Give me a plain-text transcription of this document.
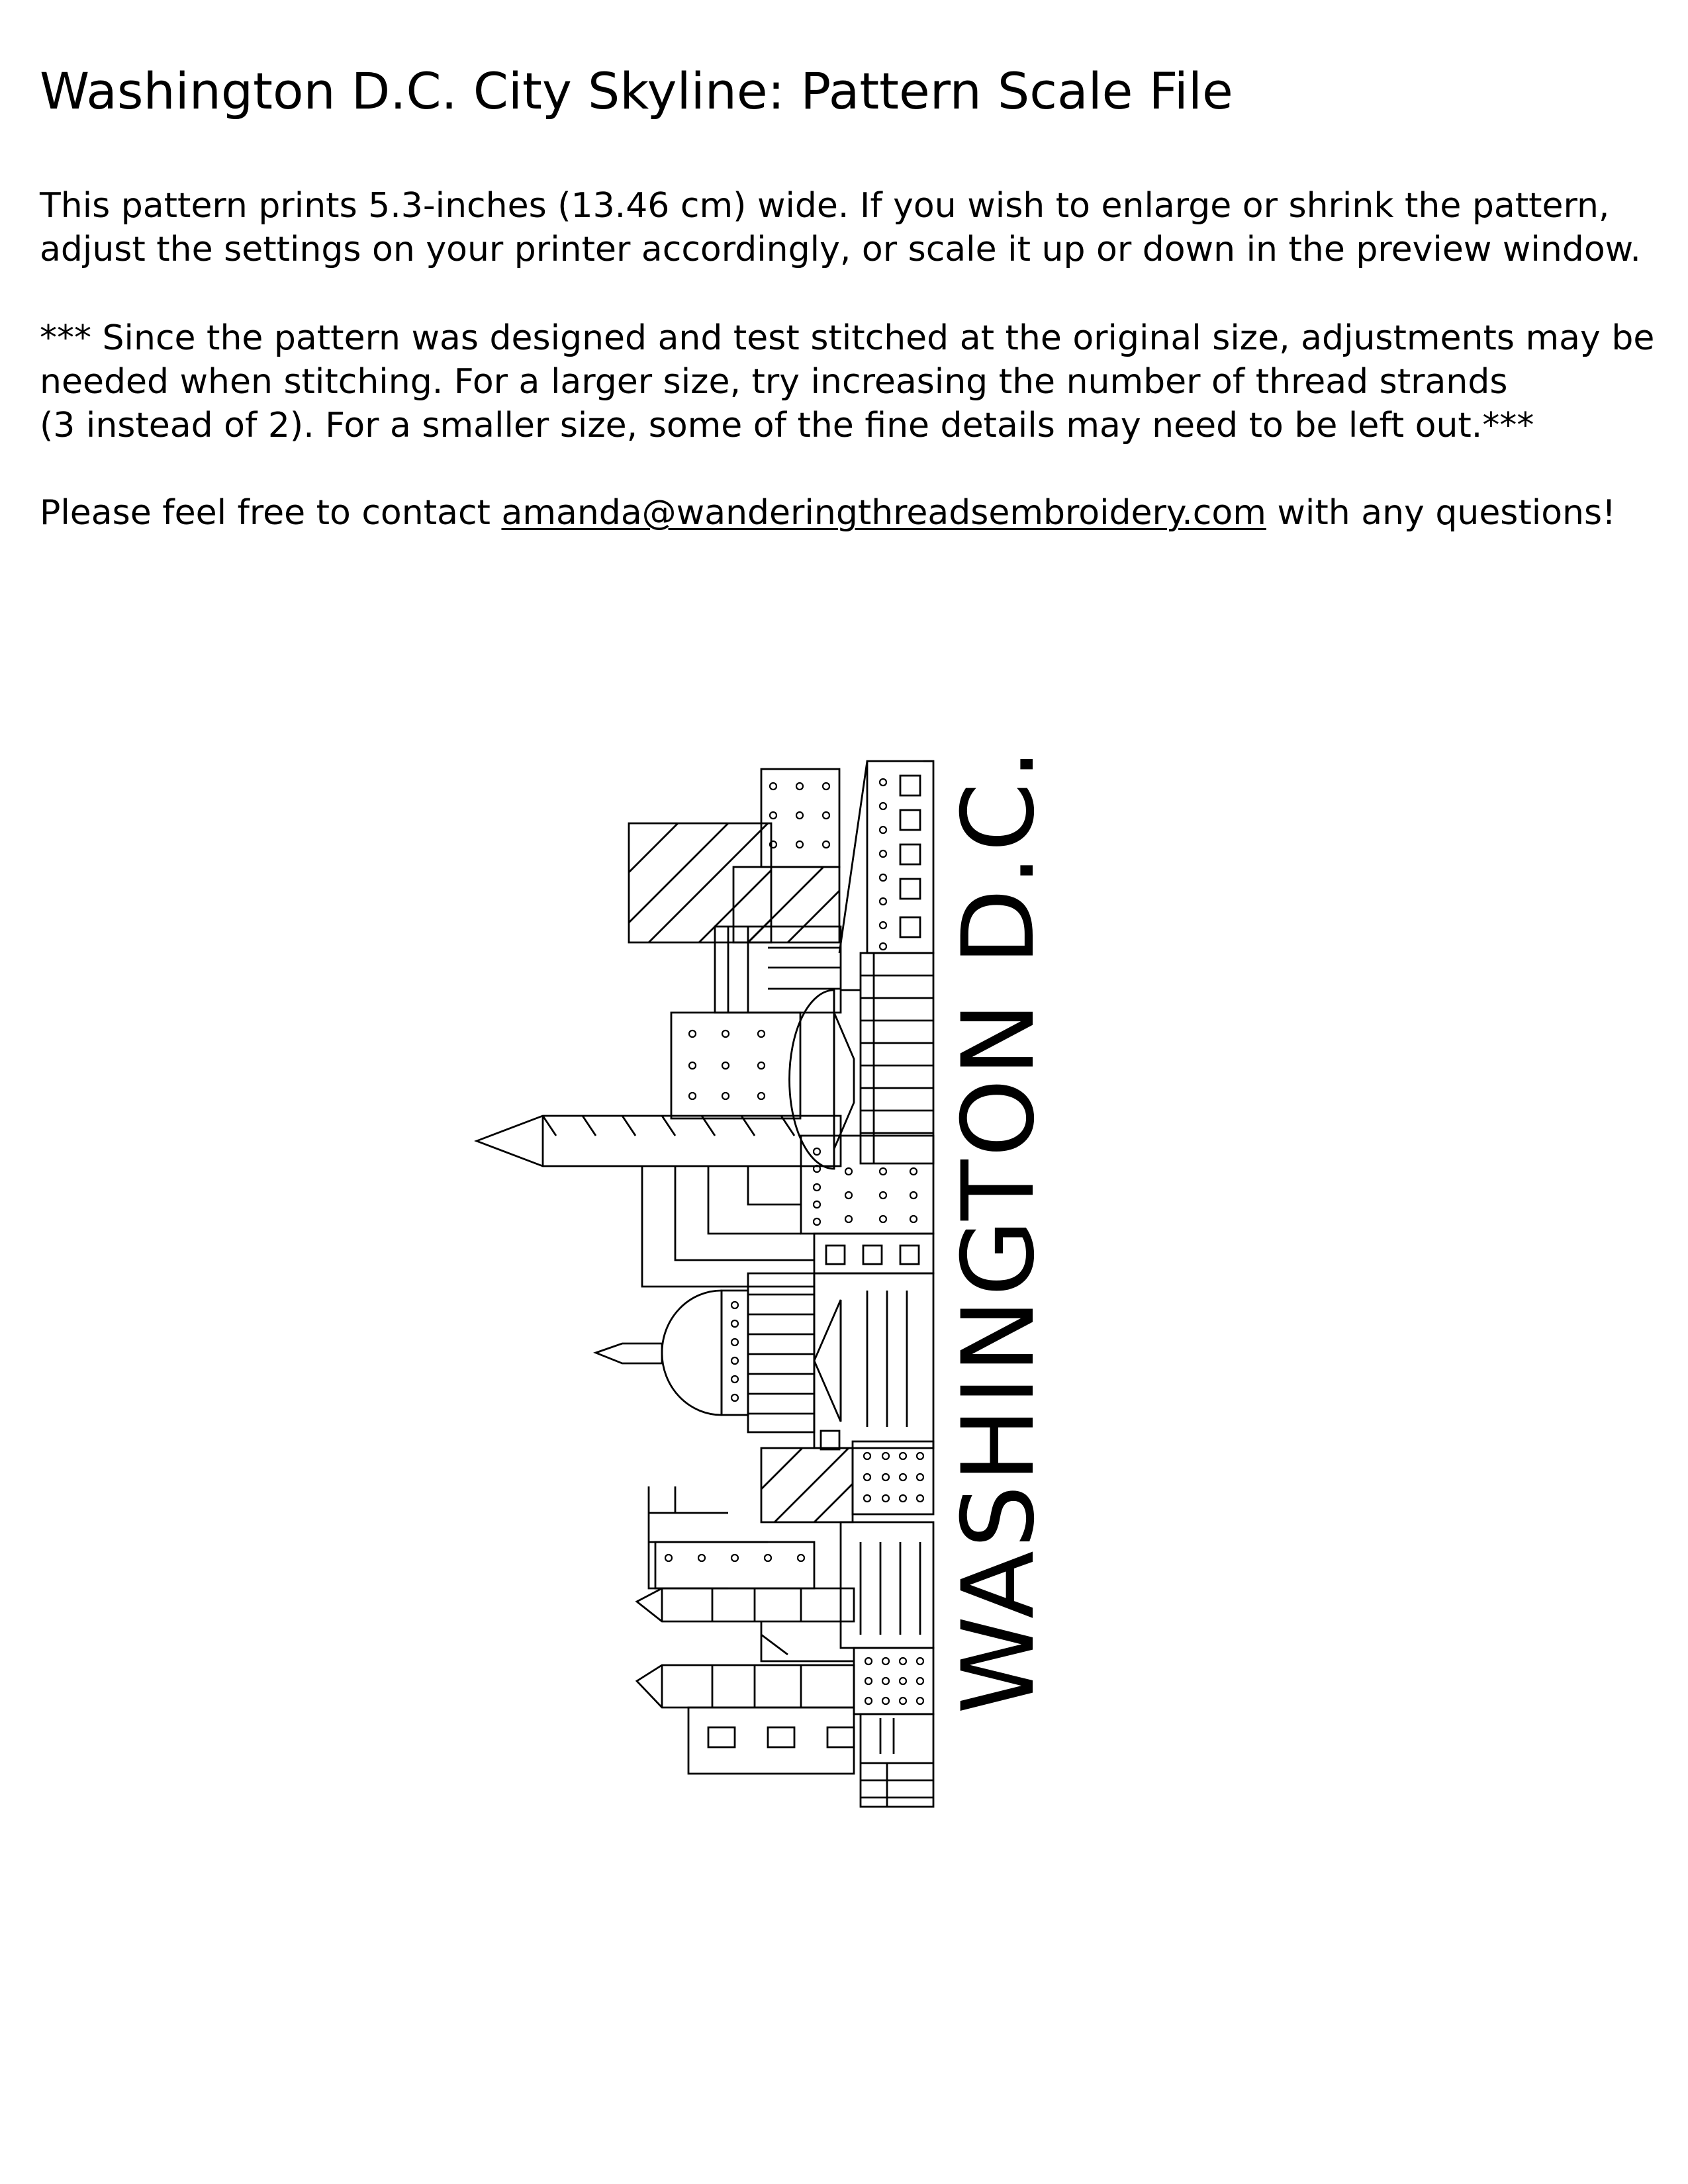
Washington D.C. City Skyline: Pattern Scale File

This pattern prints 5.3-inches (13.46 cm) wide. If you wish to enlarge or shrink the pattern,
adjust the settings on your printer accordingly, or scale it up or down in the preview window.

*** Since the pattern was designed and test stitched at the original size, adjustments may be
needed when stitching. For a larger size, try increasing the number of thread strands
(3 instead of 2). For a smaller size, some of the fine details may need to be left out.***

Please feel free to contact amanda@wanderingthreadsembroidery.com with any questions!

WASHINGTON D.C.
